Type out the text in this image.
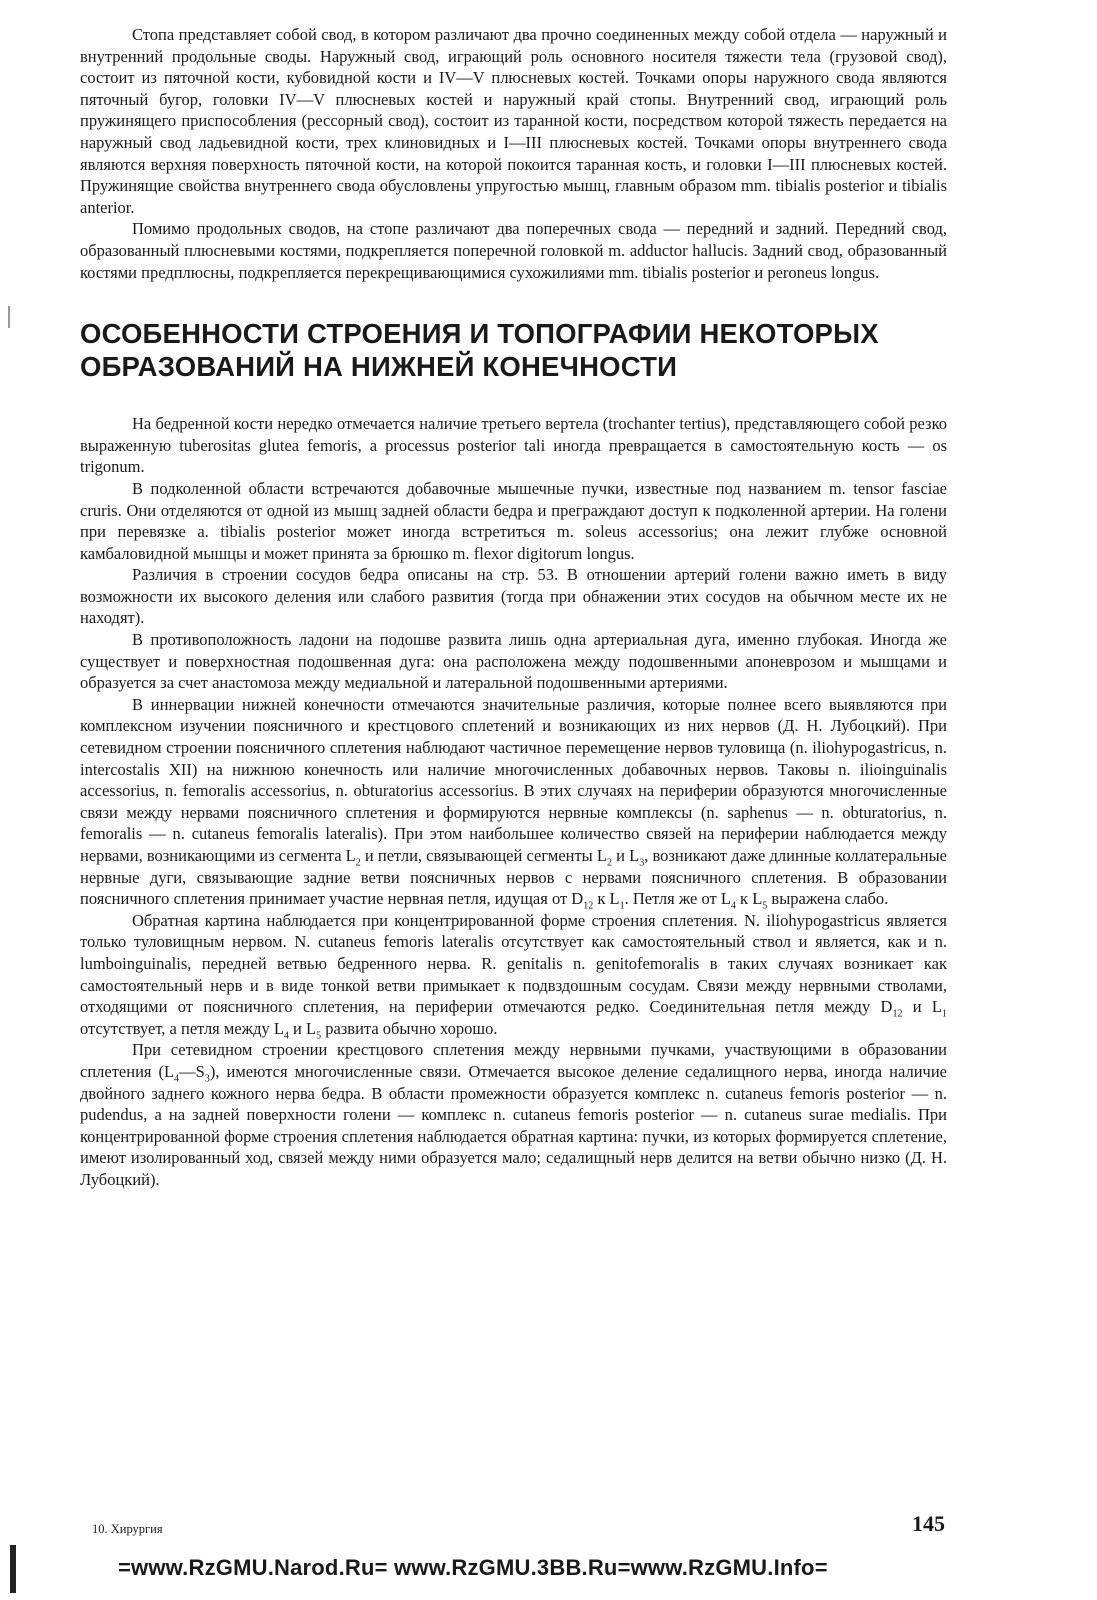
Стопа представляет собой свод, в котором различают два прочно соединенных между собой отдела — наружный и внутренний продольные своды. Наружный свод, играющий роль основного носителя тяжести тела (грузовой свод), состоит из пяточной кости, кубовидной кости и IV—V плюсневых костей. Точками опоры наружного свода являются пяточный бугор, головки IV—V плюсневых костей и наружный край стопы. Внутренний свод, играющий роль пружинящего приспособления (рессорный свод), состоит из таранной кости, посредством которой тяжесть передается на наружный свод ладьевидной кости, трех клиновидных и I—III плюсневых костей. Точками опоры внутреннего свода являются верхняя поверхность пяточной кости, на которой покоится таранная кость, и головки I—III плюсневых костей. Пружинящие свойства внутреннего свода обусловлены упругостью мышц, главным образом mm. tibialis posterior и tibialis anterior.

Помимо продольных сводов, на стопе различают два поперечных свода — передний и задний. Передний свод, образованный плюсневыми костями, подкрепляется поперечной головкой m. adductor hallucis. Задний свод, образованный костями предплюсны, подкрепляется перекрещивающимися сухожилиями mm. tibialis posterior и peroneus longus.

ОСОБЕННОСТИ СТРОЕНИЯ И ТОПОГРАФИИ НЕКОТОРЫХ
ОБРАЗОВАНИЙ НА НИЖНЕЙ КОНЕЧНОСТИ

На бедренной кости нередко отмечается наличие третьего вертела (trochanter tertius), представляющего собой резко выраженную tuberositas glutea femoris, а processus posterior tali иногда превращается в самостоятельную кость — os trigonum.

В подколенной области встречаются добавочные мышечные пучки, известные под названием m. tensor fasciae cruris. Они отделяются от одной из мышц задней области бедра и преграждают доступ к подколенной артерии. На голени при перевязке a. tibialis posterior может иногда встретиться m. soleus accessorius; она лежит глубже основной камбаловидной мышцы и может принята за брюшко m. flexor digitorum longus.

Различия в строении сосудов бедра описаны на стр. 53. В отношении артерий голени важно иметь в виду возможности их высокого деления или слабого развития (тогда при обнажении этих сосудов на обычном месте их не находят).

В противоположность ладони на подошве развита лишь одна артериальная дуга, именно глубокая. Иногда же существует и поверхностная подошвенная дуга: она расположена между подошвенными апоневрозом и мышцами и образуется за счет анастомоза между медиальной и латеральной подошвенными артериями.

В иннервации нижней конечности отмечаются значительные различия, которые полнее всего выявляются при комплексном изучении поясничного и крестцового сплетений и возникающих из них нервов (Д. Н. Лубоцкий). При сетевидном строении поясничного сплетения наблюдают частичное перемещение нервов туловища (n. iliohypogastricus, n. intercostalis XII) на нижнюю конечность или наличие многочисленных добавочных нервов. Таковы n. ilioinguinalis accessorius, n. femoralis accessorius, n. obturatorius accessorius. В этих случаях на периферии образуются многочисленные связи между нервами поясничного сплетения и формируются нервные комплексы (n. saphenus — n. obturatorius, n. femoralis — n. cutaneus femoralis lateralis). При этом наибольшее количество связей на периферии наблюдается между нервами, возникающими из сегмента $L_2$ и петли, связывающей сегменты $L_2$ и $L_3$, возникают даже длинные коллатеральные нервные дуги, связывающие задние ветви поясничных нервов с нервами поясничного сплетения. В образовании поясничного сплетения принимает участие нервная петля, идущая от $D_{12}$ к $L_1$. Петля же от $L_4$ к $L_5$ выражена слабо.

Обратная картина наблюдается при концентрированной форме строения сплетения. N. iliohypogastricus является только туловищным нервом. N. cutaneus femoris lateralis отсутствует как самостоятельный ствол и является, как и n. lumboinguinalis, передней ветвью бедренного нерва. R. genitalis n. genitofemoralis в таких случаях возникает как самостоятельный нерв и в виде тонкой ветви примыкает к подвздошным сосудам. Связи между нервными стволами, отходящими от поясничного сплетения, на периферии отмечаются редко. Соединительная петля между $D_{12}$ и $L_1$ отсутствует, а петля между $L_4$ и $L_5$ развита обычно хорошо.

При сетевидном строении крестцового сплетения между нервными пучками, участвующими в образовании сплетения $(L_4—S_3)$, имеются многочисленные связи. Отмечается высокое деление седалищного нерва, иногда наличие двойного заднего кожного нерва бедра. В области промежности образуется комплекс n. cutaneus femoris posterior — n. pudendus, а на задней поверхности голени — комплекс n. cutaneus femoris posterior — n. cutaneus surae medialis. При концентрированной форме строения сплетения наблюдается обратная картина: пучки, из которых формируется сплетение, имеют изолированный ход, связей между ними образуется мало; седалищный нерв делится на ветви обычно низко (Д. Н. Лубоцкий).

10. Хирургия	145
=www.RzGMU.Narod.Ru= www.RzGMU.3BB.Ru=www.RzGMU.Info=
